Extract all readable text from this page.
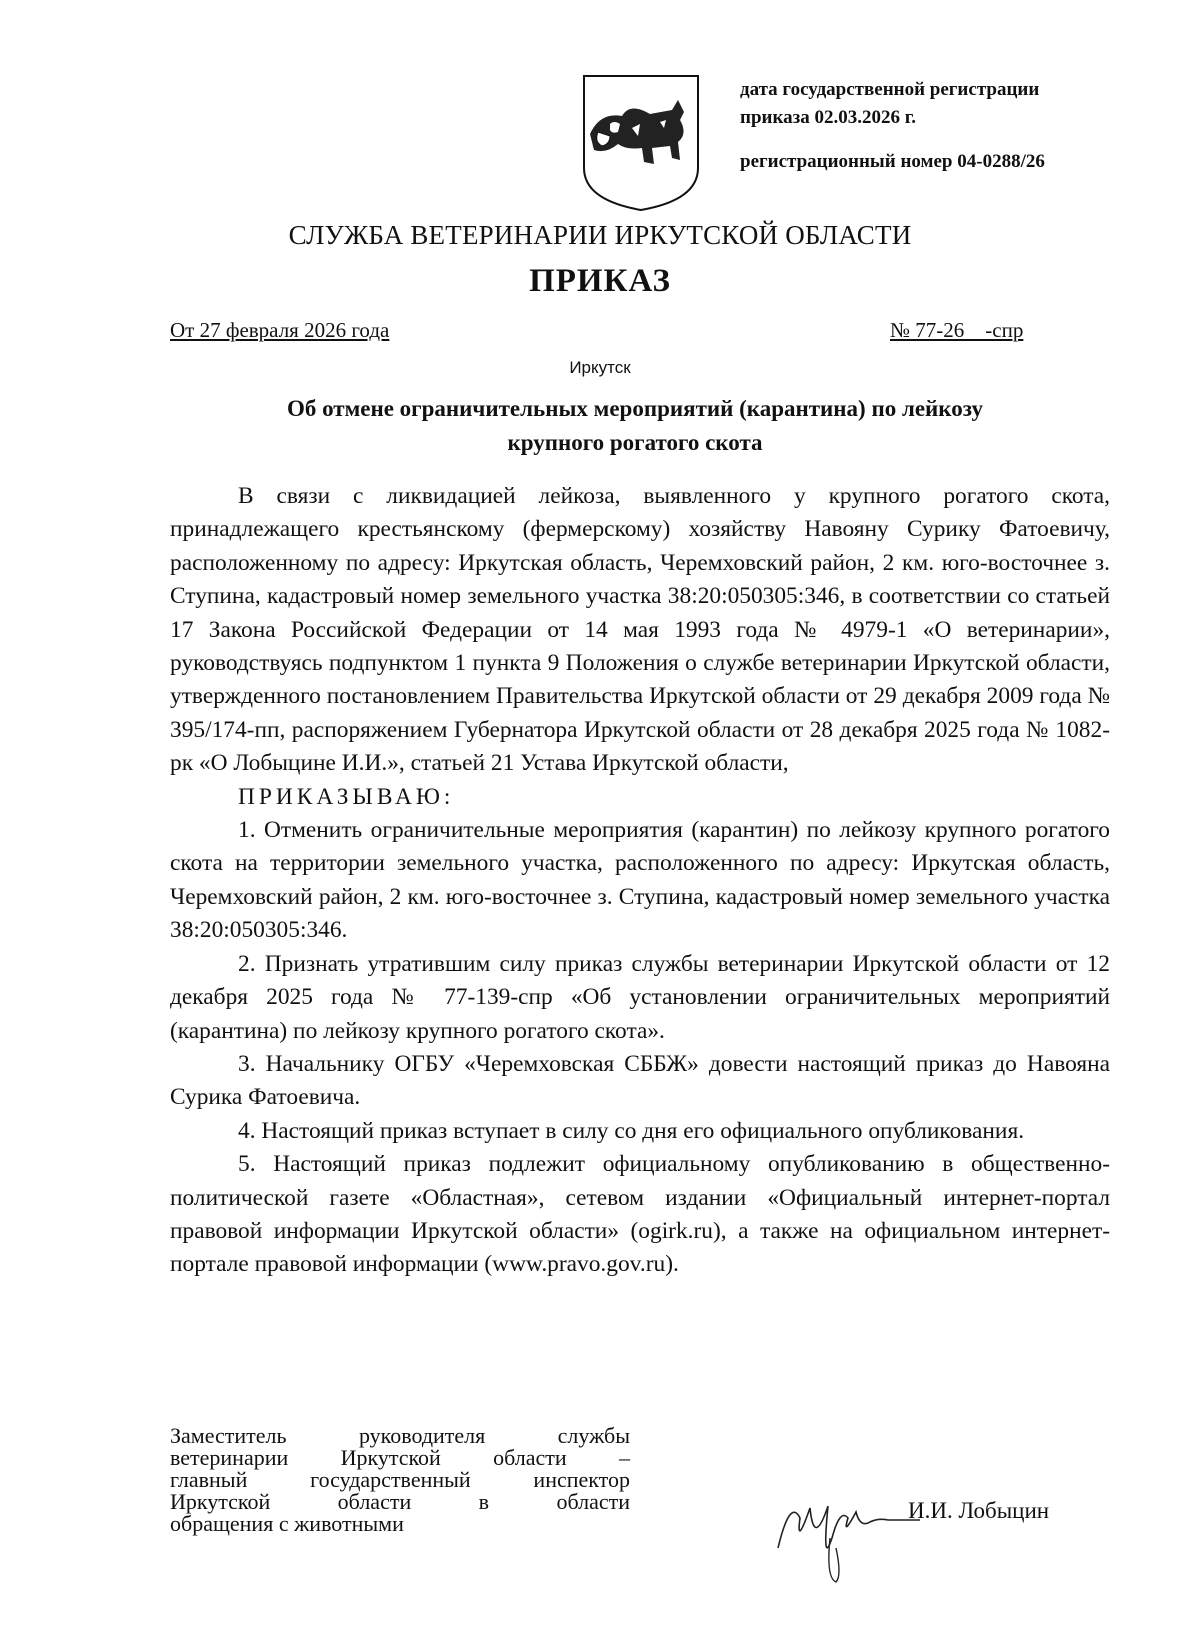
дата государственной регистрации
приказа 02.03.2026 г.
регистрационный номер 04-0288/26
СЛУЖБА ВЕТЕРИНАРИИ ИРКУТСКОЙ ОБЛАСТИ
ПРИКАЗ
От 27 февраля 2026 года	№ 77-26    -спр
Иркутск
Об отмене ограничительных мероприятий (карантина) по лейкозу
крупного рогатого скота

В связи с ликвидацией лейкоза, выявленного у крупного рогатого скота, принадлежащего крестьянскому (фермерскому) хозяйству Навояну Сурику Фатоевичу, расположенному по адресу: Иркутская область, Черемховский район, 2 км. юго-восточнее з. Ступина, кадастровый номер земельного участка 38:20:050305:346, в соответствии со статьей 17 Закона Российской Федерации от 14 мая 1993 года № 4979-1 «О ветеринарии», руководствуясь подпунктом 1 пункта 9 Положения о службе ветеринарии Иркутской области, утвержденного постановлением Правительства Иркутской области от 29 декабря 2009 года № 395/174-пп, распоряжением Губернатора Иркутской области от 28 декабря 2025 года № 1082-рк «О Лобыцине И.И.», статьей 21 Устава Иркутской области,

ПРИКАЗЫВАЮ:

1. Отменить ограничительные мероприятия (карантин) по лейкозу крупного рогатого скота на территории земельного участка, расположенного по адресу: Иркутская область, Черемховский район, 2 км. юго-восточнее з. Ступина, кадастровый номер земельного участка 38:20:050305:346.

2. Признать утратившим силу приказ службы ветеринарии Иркутской области от 12 декабря 2025 года № 77-139-спр «Об установлении ограничительных мероприятий (карантина) по лейкозу крупного рогатого скота».

3. Начальнику ОГБУ «Черемховская СББЖ» довести настоящий приказ до Навояна Сурика Фатоевича.

4. Настоящий приказ вступает в силу со дня его официального опубликования.

5. Настоящий приказ подлежит официальному опубликованию в общественно-политической газете «Областная», сетевом издании «Официальный интернет-портал правовой информации Иркутской области» (ogirk.ru), а также на официальном интернет-портале правовой информации (www.pravo.gov.ru).

Заместитель руководителя службы
ветеринарии Иркутской области –
главный государственный инспектор
Иркутской области в области
обращения с животными
И.И. Лобыцин
